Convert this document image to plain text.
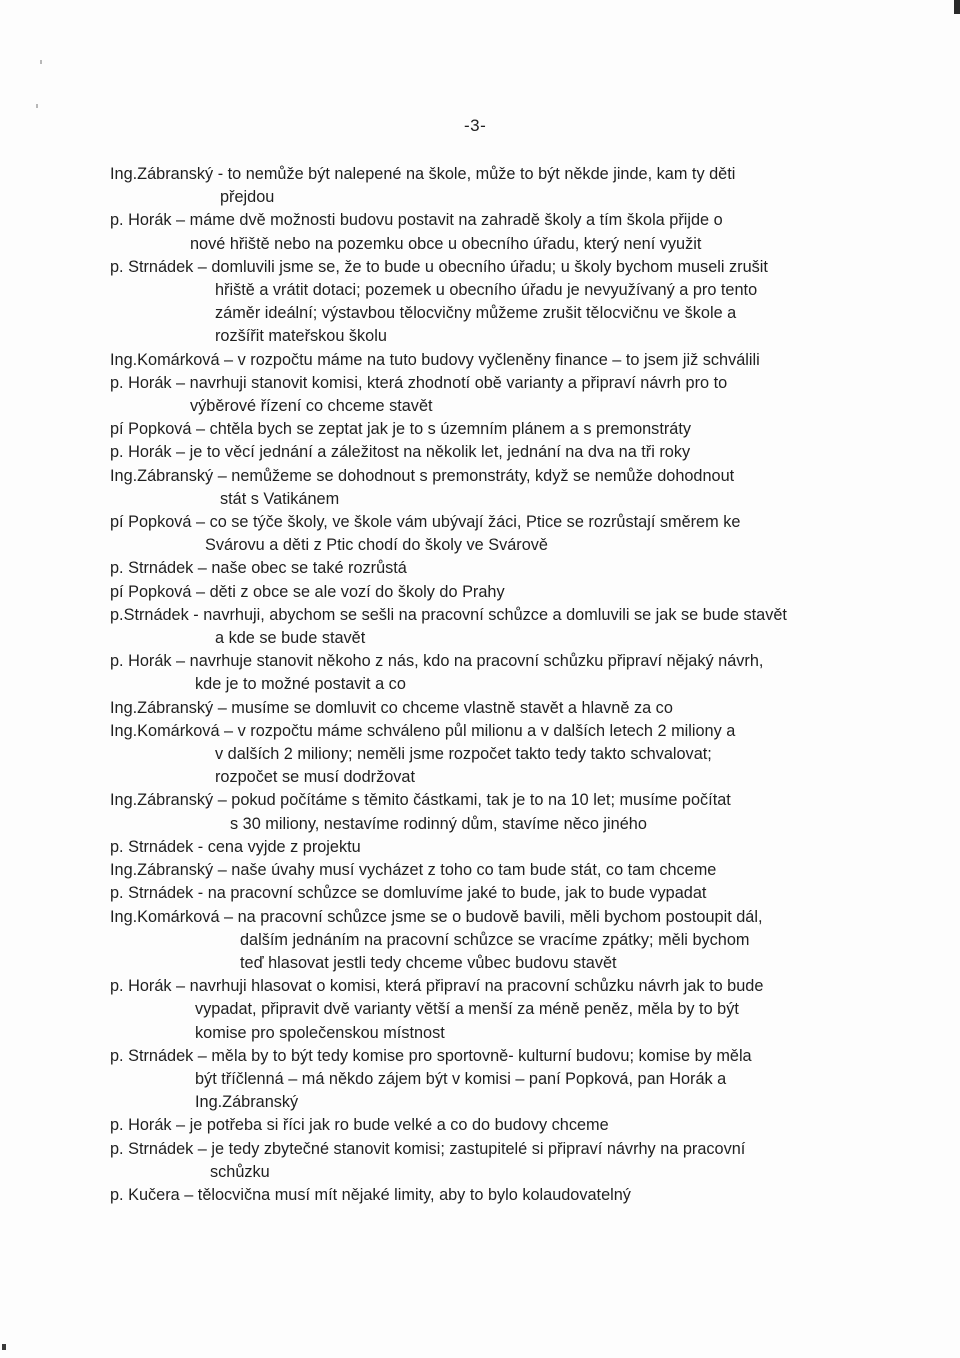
-3-

Ing.Zábranský - to nemůže být nalepené na škole, může to být někde jinde, kam ty děti
přejdou

p. Horák – máme dvě možnosti budovu postavit na zahradě školy a tím škola přijde o
nové hřiště nebo na pozemku obce u obecního úřadu, který není využit

p. Strnádek – domluvili jsme se, že to bude u obecního úřadu; u školy bychom museli zrušit
hřiště a vrátit dotaci; pozemek u obecního úřadu je nevyužívaný a pro tento
záměr ideální; výstavbou tělocvičny můžeme zrušit tělocvičnu ve škole a
rozšířit mateřskou školu

Ing.Komárková – v rozpočtu máme na tuto budovy vyčleněny finance – to jsem již schválili

p. Horák – navrhuji stanovit komisi, která zhodnotí obě varianty a připraví návrh pro to
výběrové řízení co chceme stavět

pí Popková – chtěla bych se zeptat jak je to s územním plánem a s premonstráty

p. Horák – je to věcí jednání a záležitost na několik let, jednání na dva na tři roky

Ing.Zábranský – nemůžeme se dohodnout s premonstráty, když se nemůže dohodnout
stát s Vatikánem

pí Popková – co se týče školy, ve škole vám ubývají žáci, Ptice se rozrůstají směrem ke
Svárovu a děti z Ptic chodí do školy ve Svárově

p. Strnádek – naše obec se také rozrůstá

pí Popková – děti z obce se ale vozí do školy do Prahy

p.Strnádek - navrhuji, abychom se sešli na pracovní schůzce a domluvili se jak se bude stavět
a kde se bude stavět

p. Horák – navrhuje stanovit někoho z nás, kdo na pracovní schůzku připraví nějaký návrh,
kde je to možné postavit a co

Ing.Zábranský – musíme se domluvit co chceme vlastně stavět a hlavně za co

Ing.Komárková – v rozpočtu máme schváleno půl milionu a v dalších letech 2 miliony a
v dalších 2 miliony; neměli jsme rozpočet takto tedy takto schvalovat;
rozpočet se musí dodržovat

Ing.Zábranský – pokud počítáme s těmito částkami, tak je to na 10 let; musíme počítat
s 30 miliony, nestavíme rodinný dům, stavíme něco jiného

p. Strnádek - cena vyjde z projektu

Ing.Zábranský – naše úvahy musí vycházet z toho co tam bude stát, co tam chceme

p. Strnádek - na pracovní schůzce se domluvíme jaké to bude, jak to bude vypadat

Ing.Komárková – na pracovní schůzce jsme se o budově bavili, měli bychom postoupit dál,
dalším jednáním na pracovní schůzce se vracíme zpátky; měli bychom
teď hlasovat jestli tedy chceme vůbec budovu stavět

p. Horák – navrhuji hlasovat o komisi, která připraví na pracovní schůzku návrh jak to bude
vypadat, připravit dvě varianty větší a menší za méně peněz, měla by to být
komise pro společenskou místnost

p. Strnádek – měla by to být tedy komise pro sportovně- kulturní budovu; komise by měla
být tříčlenná – má někdo zájem být v komisi – paní Popková, pan Horák a
Ing.Zábranský

p. Horák – je potřeba si říci jak ro bude velké a co do budovy chceme

p. Strnádek – je tedy zbytečné stanovit komisi; zastupitelé si připraví návrhy na pracovní
schůzku

p. Kučera – tělocvična musí mít nějaké limity, aby to bylo kolaudovatelný
